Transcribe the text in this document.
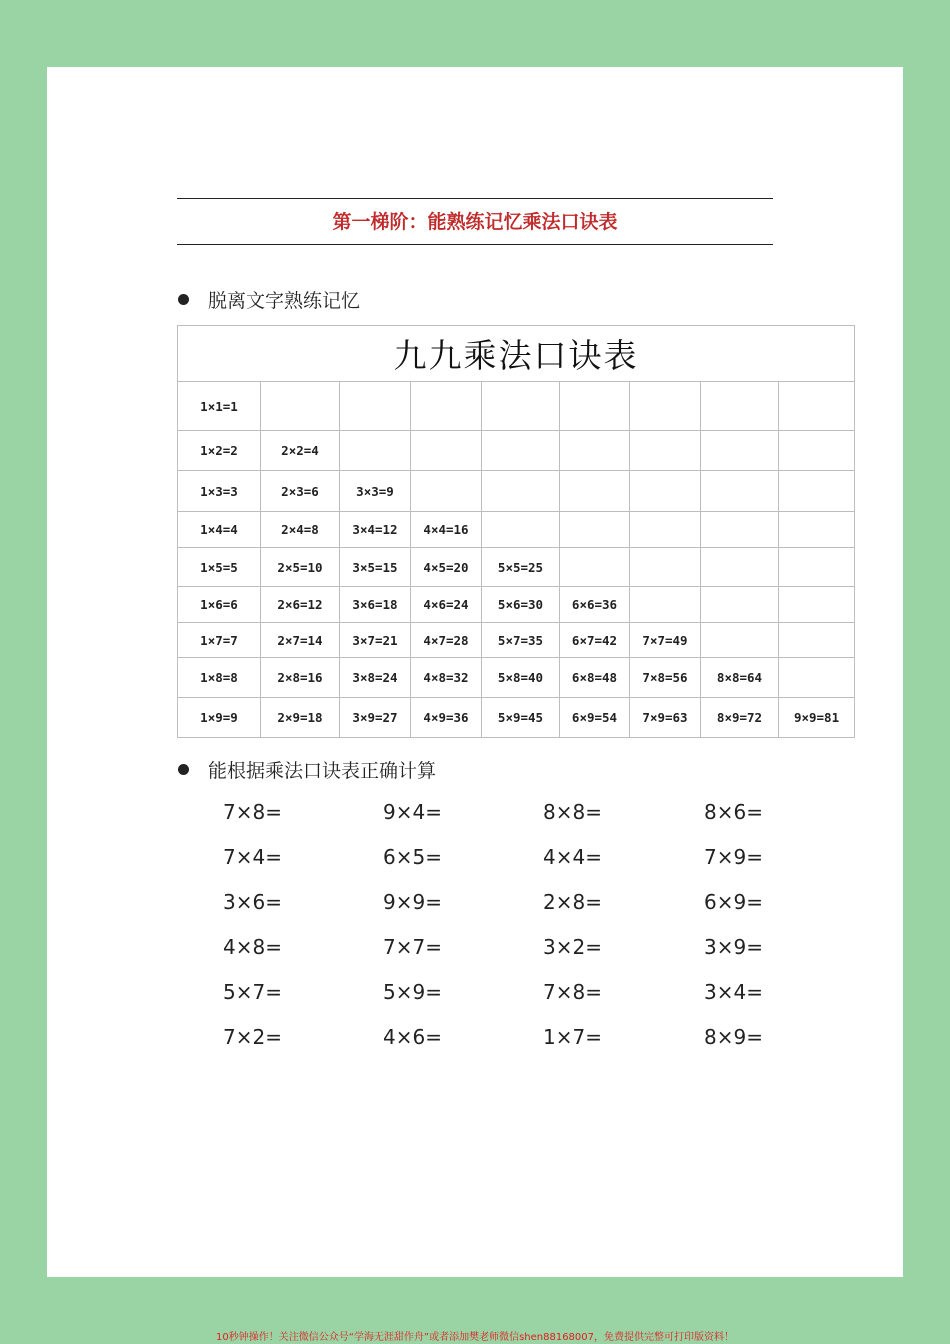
第一梯阶：能熟练记忆乘法口诀表
脱离文字熟练记忆
九九乘法口诀表								
1×1=1								
1×2=2	2×2=4							
1×3=3	2×3=6	3×3=9						
1×4=4	2×4=8	3×4=12	4×4=16					
1×5=5	2×5=10	3×5=15	4×5=20	5×5=25				
1×6=6	2×6=12	3×6=18	4×6=24	5×6=30	6×6=36			
1×7=7	2×7=14	3×7=21	4×7=28	5×7=35	6×7=42	7×7=49		
1×8=8	2×8=16	3×8=24	4×8=32	5×8=40	6×8=48	7×8=56	8×8=64	
1×9=9	2×9=18	3×9=27	4×9=36	5×9=45	6×9=54	7×9=63	8×9=72	9×9=81
能根据乘法口诀表正确计算
7×8=	9×4=	8×8=	8×6=
7×4=	6×5=	4×4=	7×9=
3×6=	9×9=	2×8=	6×9=
4×8=	7×7=	3×2=	3×9=
5×7=	5×9=	7×8=	3×4=
7×2=	4×6=	1×7=	8×9=
10秒钟操作！关注微信公众号“学海无涯甜作舟”或者添加樊老师微信shen88168007，免费提供完整可打印版资料！
